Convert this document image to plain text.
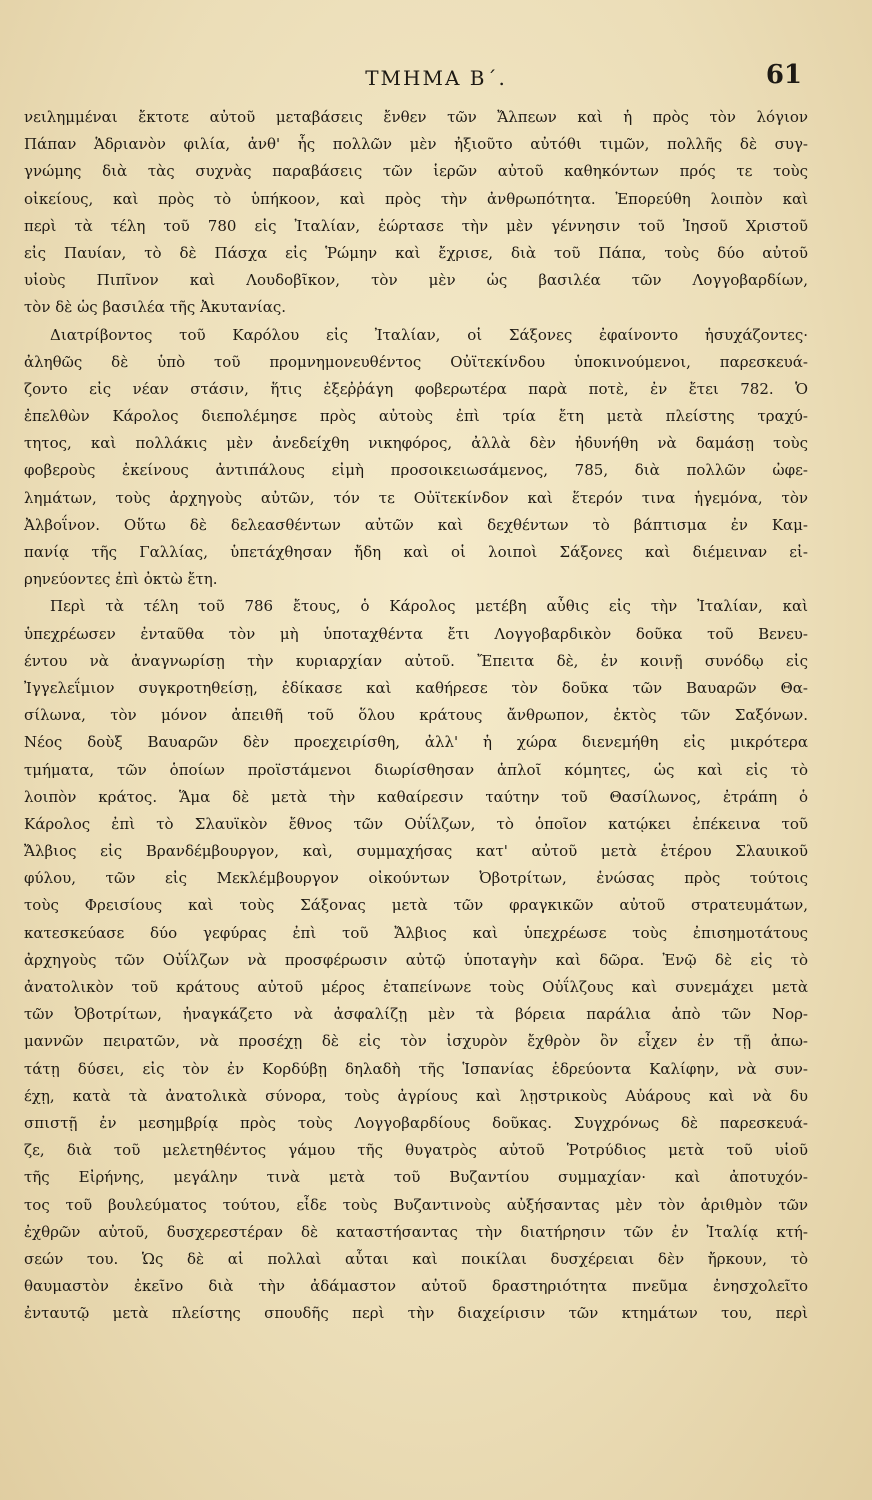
ΤΜΗΜΑ Β΄.	61
νειλημμέναι ἔκτοτε αὐτοῦ μεταβάσεις ἔνθεν τῶν Ἄλπεων καὶ ἡ πρὸς τὸν λόγιον
Πάπαν Ἁδριανὸν φιλία, ἀνθ' ἧς πολλῶν μὲν ἠξιοῦτο αὐτόθι τιμῶν, πολλῆς δὲ συγ-
γνώμης διὰ τὰς συχνὰς παραβάσεις τῶν ἱερῶν αὐτοῦ καθηκόντων πρός τε τοὺς
οἰκείους, καὶ πρὸς τὸ ὑπήκοον, καὶ πρὸς τὴν ἀνθρωπότητα. Ἐπορεύθη λοιπὸν καὶ
περὶ τὰ τέλη τοῦ 780 εἰς Ἰταλίαν, ἑώρτασε τὴν μὲν γέννησιν τοῦ Ἰησοῦ Χριστοῦ
εἰς Παυίαν, τὸ δὲ Πάσχα εἰς Ῥώμην καὶ ἔχρισε, διὰ τοῦ Πάπα, τοὺς δύο αὐτοῦ
υἱοὺς Πιπῖνον καὶ Λουδοβῖκον, τὸν μὲν ὡς βασιλέα τῶν Λογγοβαρδίων,
τὸν δὲ ὡς βασιλέα τῆς Ἀκυτανίας.
Διατρίβοντος τοῦ Καρόλου εἰς Ἰταλίαν, οἱ Σάξονες ἐφαίνοντο ἡσυχάζοντες·
ἀληθῶς δὲ ὑπὸ τοῦ προμνημονευθέντος Οὐϊτεκίνδου ὑποκινούμενοι, παρεσκευά-
ζοντο εἰς νέαν στάσιν, ἥτις ἐξεῤῥάγη φοβερωτέρα παρὰ ποτὲ, ἐν ἔτει 782. Ὁ
ἐπελθὼν Κάρολος διεπολέμησε πρὸς αὐτοὺς ἐπὶ τρία ἔτη μετὰ πλείστης τραχύ-
τητος, καὶ πολλάκις μὲν ἀνεδείχθη νικηφόρος, ἀλλὰ δὲν ἠδυνήθη νὰ δαμάσῃ τοὺς
φοβεροὺς ἐκείνους ἀντιπάλους εἰμὴ προσοικειωσάμενος, 785, διὰ πολλῶν ὠφε-
λημάτων, τοὺς ἀρχηγοὺς αὐτῶν, τόν τε Οὐϊτεκίνδον καὶ ἕτερόν τινα ἡγεμόνα, τὸν
Ἀλβοΐνον. Οὕτω δὲ δελεασθέντων αὐτῶν καὶ δεχθέντων τὸ βάπτισμα ἐν Καμ-
πανίᾳ τῆς Γαλλίας, ὑπετάχθησαν ἤδη καὶ οἱ λοιποὶ Σάξονες καὶ διέμειναν εἰ-
ρηνεύοντες ἐπὶ ὀκτὼ ἔτη.
Περὶ τὰ τέλη τοῦ 786 ἔτους, ὁ Κάρολος μετέβη αὖθις εἰς τὴν Ἰταλίαν, καὶ
ὑπεχρέωσεν ἐνταῦθα τὸν μὴ ὑποταχθέντα ἔτι Λογγοβαρδικὸν δοῦκα τοῦ Βενευ-
έντου νὰ ἀναγνωρίσῃ τὴν κυριαρχίαν αὐτοῦ. Ἔπειτα δὲ, ἐν κοινῇ συνόδῳ εἰς
Ἰγγελεΐμιον συγκροτηθείσῃ, ἐδίκασε καὶ καθήρεσε τὸν δοῦκα τῶν Βαυαρῶν Θα-
σίλωνα, τὸν μόνον ἀπειθῆ τοῦ ὅλου κράτους ἄνθρωπον, ἐκτὸς τῶν Σαξόνων.
Νέος δοὺξ Βαυαρῶν δὲν προεχειρίσθη, ἀλλ' ἡ χώρα διενεμήθη εἰς μικρότερα
τμήματα, τῶν ὁποίων προϊστάμενοι διωρίσθησαν ἁπλοῖ κόμητες, ὡς καὶ εἰς τὸ
λοιπὸν κράτος. Ἅμα δὲ μετὰ τὴν καθαίρεσιν ταύτην τοῦ Θασίλωνος, ἐτράπη ὁ
Κάρολος ἐπὶ τὸ Σλαυϊκὸν ἔθνος τῶν Οὐΐλζων, τὸ ὁποῖον κατῴκει ἐπέκεινα τοῦ
Ἄλβιος εἰς Βρανδέμβουργον, καὶ, συμμαχήσας κατ' αὐτοῦ μετὰ ἑτέρου Σλαυικοῦ
φύλου, τῶν εἰς Μεκλέμβουργον οἰκούντων Ὀβοτρίτων, ἑνώσας πρὸς τούτοις
τοὺς Φρεισίους καὶ τοὺς Σάξονας μετὰ τῶν φραγκικῶν αὐτοῦ στρατευμάτων,
κατεσκεύασε δύο γεφύρας ἐπὶ τοῦ Ἄλβιος καὶ ὑπεχρέωσε τοὺς ἐπισημοτάτους
ἀρχηγοὺς τῶν Οὐΐλζων νὰ προσφέρωσιν αὐτῷ ὑποταγὴν καὶ δῶρα. Ἐνῷ δὲ εἰς τὸ
ἀνατολικὸν τοῦ κράτους αὐτοῦ μέρος ἐταπείνωνε τοὺς Οὐΐλζους καὶ συνεμάχει μετὰ
τῶν Ὀβοτρίτων, ἠναγκάζετο νὰ ἀσφαλίζῃ μὲν τὰ βόρεια παράλια ἀπὸ τῶν Νορ-
μαννῶν πειρατῶν, νὰ προσέχῃ δὲ εἰς τὸν ἰσχυρὸν ἔχθρὸν ὃν εἶχεν ἐν τῇ ἀπω-
τάτῃ δύσει, εἰς τὸν ἐν Κορδύβῃ δηλαδὴ τῆς Ἱσπανίας ἑδρεύοντα Καλίφην, νὰ συν-
έχῃ, κατὰ τὰ ἀνατολικὰ σύνορα, τοὺς ἀγρίους καὶ λῃστρικοὺς Αὐάρους καὶ νὰ δυ
σπιστῇ ἐν μεσημβρίᾳ πρὸς τοὺς Λογγοβαρδίους δοῦκας. Συγχρόνως δὲ παρεσκευά-
ζε, διὰ τοῦ μελετηθέντος γάμου τῆς θυγατρὸς αὐτοῦ Ῥοτρύδιος μετὰ τοῦ υἱοῦ
τῆς Εἰρήνης, μεγάλην τινὰ μετὰ τοῦ Βυζαντίου συμμαχίαν· καὶ ἀποτυχόν-
τος τοῦ βουλεύματος τούτου, εἶδε τοὺς Βυζαντινοὺς αὐξήσαντας μὲν τὸν ἀριθμὸν τῶν
ἐχθρῶν αὐτοῦ, δυσχερεστέραν δὲ καταστήσαντας τὴν διατήρησιν τῶν ἐν Ἰταλίᾳ κτή-
σεών του. Ὡς δὲ αἱ πολλαὶ αὗται καὶ ποικίλαι δυσχέρειαι δὲν ἤρκουν, τὸ
θαυμαστὸν ἐκεῖνο διὰ τὴν ἀδάμαστον αὐτοῦ δραστηριότητα πνεῦμα ἐνησχολεῖτο
ἐνταυτῷ μετὰ πλείστης σπουδῆς περὶ τὴν διαχείρισιν τῶν κτημάτων του, περὶ
